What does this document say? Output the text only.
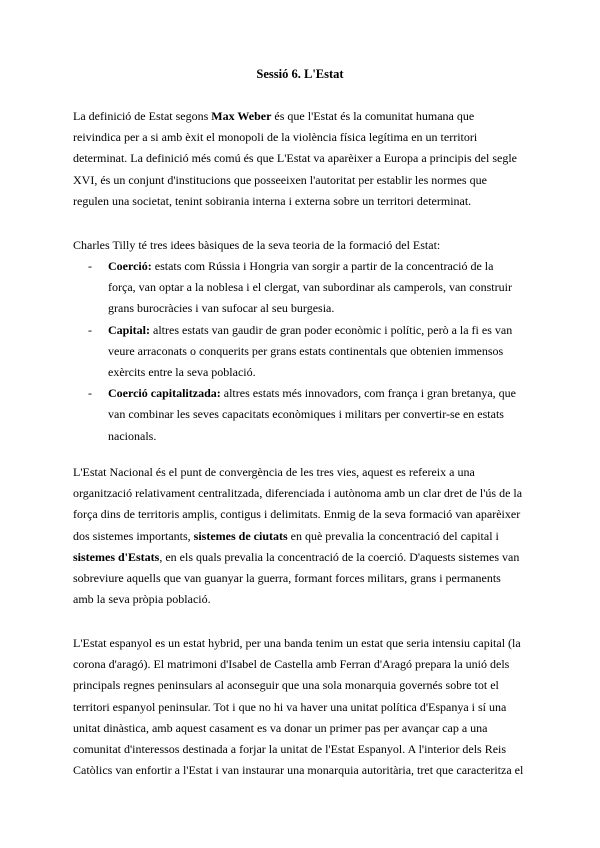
Sessió 6. L'Estat
La definició de Estat segons Max Weber és que l'Estat és la comunitat humana que
reivindica per a si amb èxit el monopoli de la violència física legítima en un territori
determinat. La definició més comú és que L'Estat va aparèixer a Europa a principis del segle
XVI, és un conjunt d'institucions que posseeixen l'autoritat per establir les normes que
regulen una societat, tenint sobirania interna i externa sobre un territori determinat.
Charles Tilly té tres idees bàsiques de la seva teoria de la formació del Estat:
- Coerció: estats com Rússia i Hongria van sorgir a partir de la concentració de la
força, van optar a la noblesa i el clergat, van subordinar als camperols, van construir
grans burocràcies i van sufocar al seu burgesia.
- Capital: altres estats van gaudir de gran poder econòmic i polític, però a la fi es van
veure arraconats o conquerits per grans estats continentals que obtenien immensos
exèrcits entre la seva població.
- Coerció capitalitzada: altres estats més innovadors, com frança i gran bretanya, que
van combinar les seves capacitats econòmiques i militars per convertir-se en estats
nacionals.
L'Estat Nacional és el punt de convergència de les tres vies, aquest es refereix a una
organització relativament centralitzada, diferenciada i autònoma amb un clar dret de l'ús de la
força dins de territoris amplis, contigus i delimitats. Enmig de la seva formació van aparèixer
dos sistemes importants, sistemes de ciutats en què prevalia la concentració del capital i
sistemes d'Estats, en els quals prevalia la concentració de la coerció. D'aquests sistemes van
sobreviure aquells que van guanyar la guerra, formant forces militars, grans i permanents
amb la seva pròpia població.
L'Estat espanyol es un estat hybrid, per una banda tenim un estat que seria intensiu capital (la
corona d'aragó). El matrimoni d'Isabel de Castella amb Ferran d'Aragó prepara la unió dels
principals regnes peninsulars al aconseguir que una sola monarquia governés sobre tot el
territori espanyol peninsular. Tot i que no hi va haver una unitat política d'Espanya i sí una
unitat dinàstica, amb aquest casament es va donar un primer pas per avançar cap a una
comunitat d'interessos destinada a forjar la unitat de l'Estat Espanyol. A l'interior dels Reis
Catòlics van enfortir a l'Estat i van instaurar una monarquia autoritària, tret que caracteritza el
